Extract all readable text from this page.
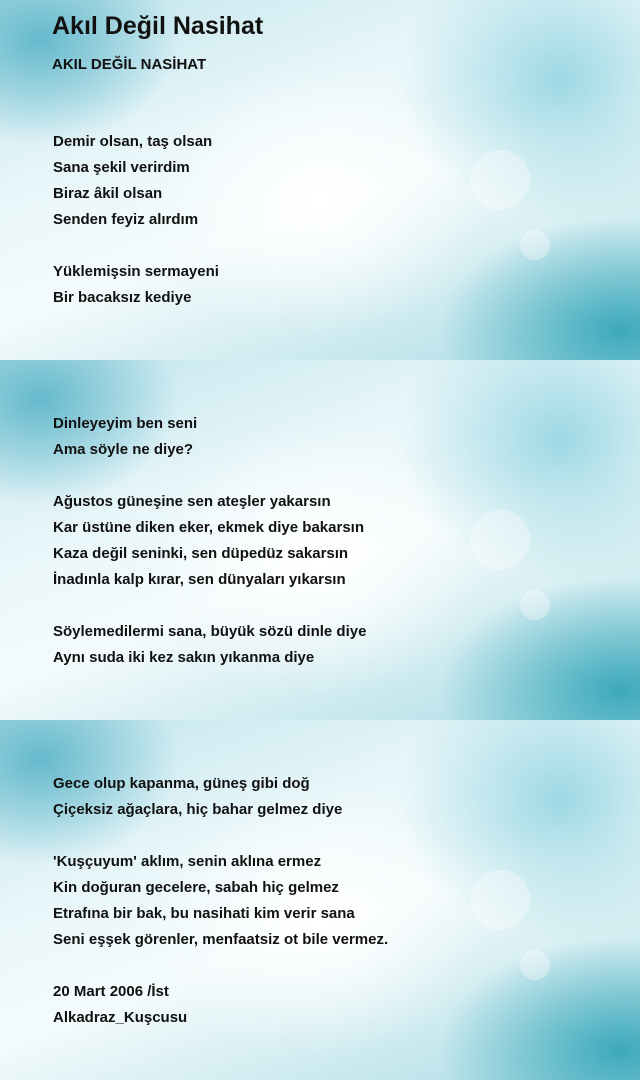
Akıl Değil Nasihat
AKIL DEĞİL NASİHAT

Demir olsan, taş olsan
Sana şekil verirdim
Biraz âkil olsan
Senden feyiz alırdım

Yüklemişsin sermayeni
Bir bacaksız kediye

Dinleyeyim ben seni
Ama söyle ne diye?

Ağustos güneşine sen ateşler yakarsın
Kar üstüne diken eker, ekmek diye bakarsın
Kaza değil seninki, sen düpedüz sakarsın
İnadınla kalp kırar, sen dünyaları yıkarsın

Söylemedilermi sana, büyük sözü dinle diye
Aynı suda iki kez sakın yıkanma diye

Gece olup kapanma, güneş gibi doğ
Çiçeksiz ağaçlara, hiç bahar gelmez diye

'Kuşçuyum' aklım, senin aklına ermez
Kin doğuran gecelere, sabah hiç gelmez
Etrafına bir bak, bu nasihati kim verir sana
Seni eşşek görenler, menfaatsiz ot bile vermez.

20 Mart 2006 /İst
Alkadraz_Kuşcusu
